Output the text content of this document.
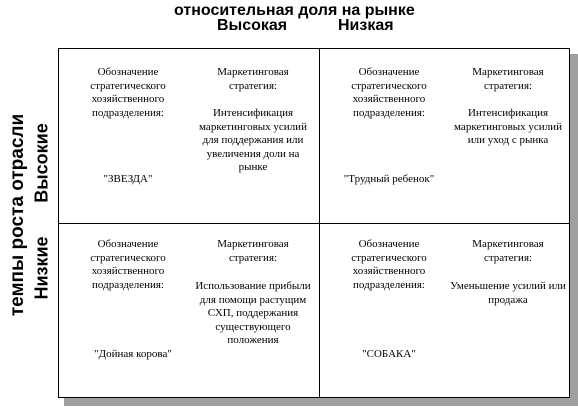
относительная доля на рынке
Высокая	Низкая
темпы роста отрасли Высокие
Низкие
Обозначение стратегического хозяйственного подразделения:
"ЗВЕЗДА"
Маркетинговая стратегия:
Интенсификация маркетинговых усилий для поддержания или увеличения доли на рынке
Обозначение стратегического хозяйственного подразделения:
"Трудный ребенок"
Маркетинговая стратегия:
Интенсификация маркетинговых усилий или уход с рынка
Обозначение стратегического хозяйственного подразделения:
"Дойная корова"
Маркетинговая стратегия:
Использование прибыли для помощи растущим СХП, поддержания существующего положения
Обозначение стратегического хозяйственного подразделения:
"СОБАКА"
Маркетинговая стратегия:
Уменьшение усилий или продажа
